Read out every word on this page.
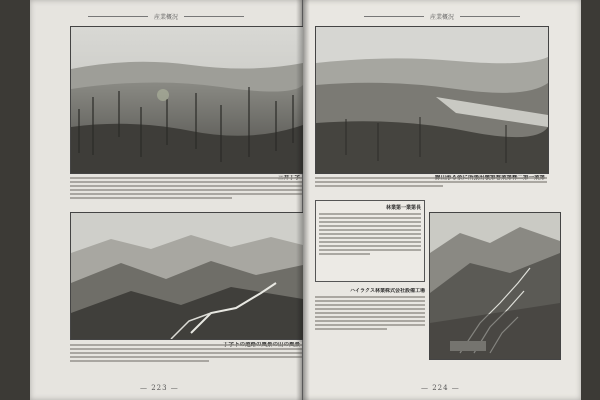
産業概況
— 223 —
産業概況
林業第一業第長
ハイラクス林業株式会社設備工場
— 224 —
